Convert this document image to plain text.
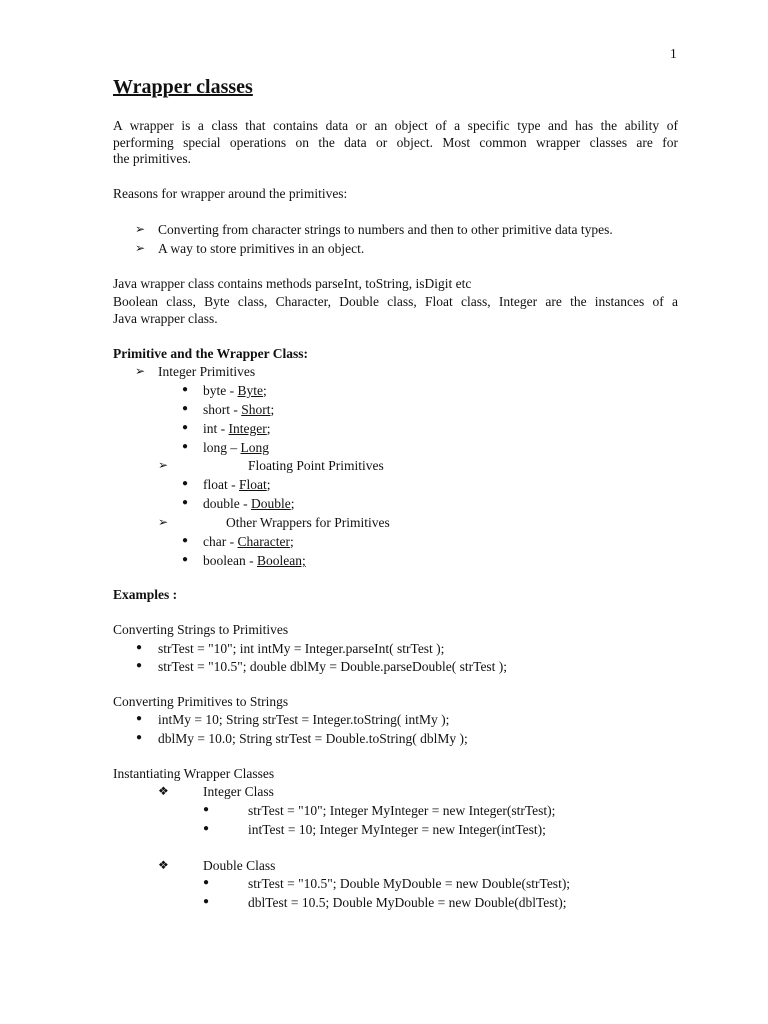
1
Wrapper classes
A wrapper is a class that contains data or an object of a specific type and has the ability of
performing special operations on the data or object. Most common wrapper classes are for
the primitives.
Reasons for wrapper around the primitives:
➢ Converting from character strings to numbers and then to other primitive data types.
➢ A way to store primitives in an object.
Java wrapper class contains methods parseInt, toString, isDigit etc
Boolean class, Byte class, Character, Double class, Float class, Integer are the instances of a
Java wrapper class.
Primitive and the Wrapper Class:
➢ Integer Primitives
● byte - Byte;
● short - Short;
● int - Integer;
● long – Long
➢	Floating Point Primitives
● float - Float;
● double - Double;
➢	Other Wrappers for Primitives
● char - Character;
● boolean - Boolean;
Examples :
Converting Strings to Primitives
● strTest = "10"; int intMy = Integer.parseInt( strTest );
● strTest = "10.5"; double dblMy = Double.parseDouble( strTest );
Converting Primitives to Strings
● intMy = 10; String strTest = Integer.toString( intMy );
● dblMy = 10.0; String strTest = Double.toString( dblMy );
Instantiating Wrapper Classes
❖	Integer Class
●	strTest = "10"; Integer MyInteger = new Integer(strTest);
●	intTest = 10; Integer MyInteger = new Integer(intTest);
❖	Double Class
●	strTest = "10.5"; Double MyDouble = new Double(strTest);
●	dblTest = 10.5; Double MyDouble = new Double(dblTest);
